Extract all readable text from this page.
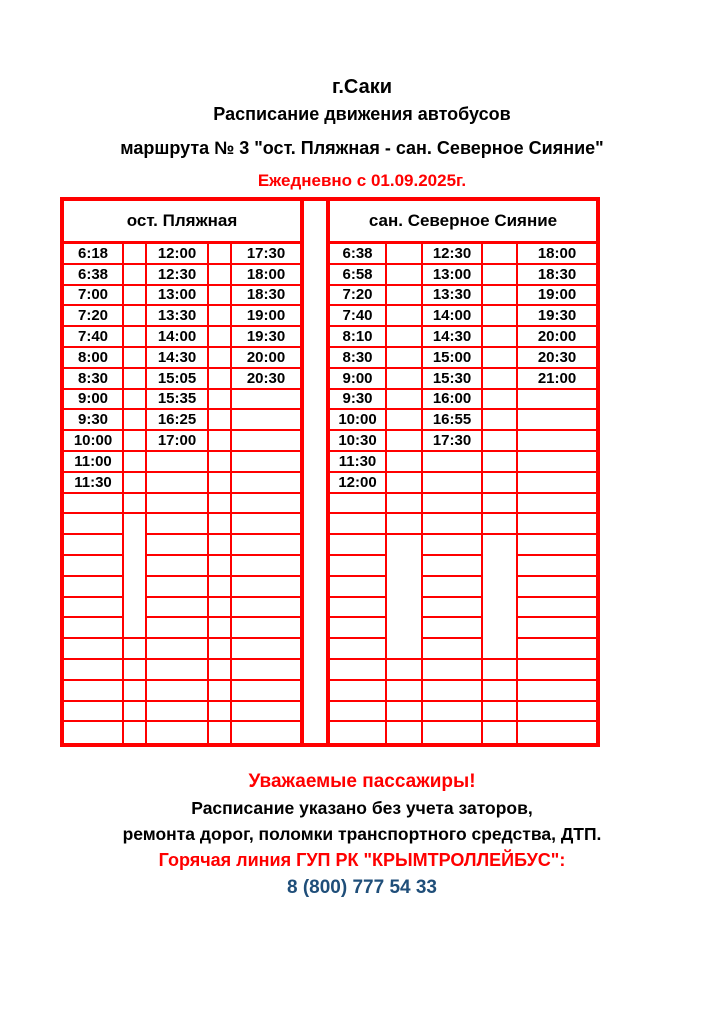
г.Саки
Расписание движения автобусов
маршрута № 3 "ост. Пляжная - сан. Северное Сияние"
Ежедневно с 01.09.2025г.
ост. Пляжная	сан. Северное Сияние
6:18	12:00	17:30
6:38	12:30	18:00
7:00	13:00	18:30
7:20	13:30	19:00
7:40	14:00	19:30
8:00	14:30	20:00
8:30	15:05	20:30
9:00	15:35
9:30	16:25
10:00	17:00
11:00
11:30
6:38	12:30	18:00
6:58	13:00	18:30
7:20	13:30	19:00
7:40	14:00	19:30
8:10	14:30	20:00
8:30	15:00	20:30
9:00	15:30	21:00
9:30	16:00
10:00	16:55
10:30	17:30
11:30
12:00
Уважаемые пассажиры!
Расписание указано без учета заторов,
ремонта дорог, поломки транспортного средства, ДТП.
Горячая линия ГУП РК "КРЫМТРОЛЛЕЙБУС":
8 (800) 777 54 33
